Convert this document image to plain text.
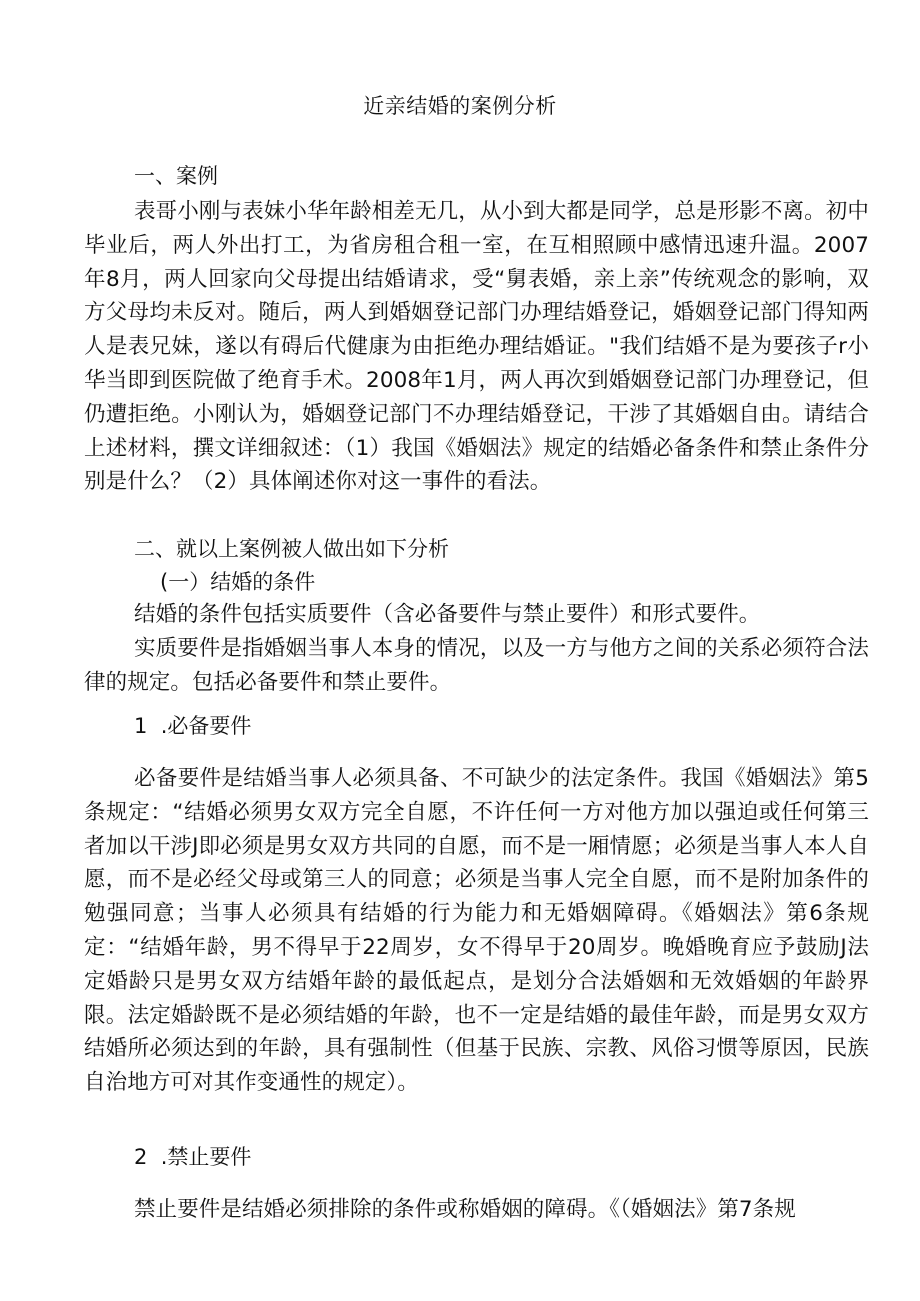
近亲结婚的案例分析
一、案例
表哥小刚与表妹小华年龄相差无几，从小到大都是同学，总是形影不离。初中毕业后，两人外出打工，为省房租合租一室，在互相照顾中感情迅速升温。2007年8月，两人回家向父母提出结婚请求，受“舅表婚，亲上亲”传统观念的影响，双方父母均未反对。随后，两人到婚姻登记部门办理结婚登记，婚姻登记部门得知两人是表兄妹，遂以有碍后代健康为由拒绝办理结婚证。"我们结婚不是为要孩子r小华当即到医院做了绝育手术。2008年1月，两人再次到婚姻登记部门办理登记，但仍遭拒绝。小刚认为，婚姻登记部门不办理结婚登记，干涉了其婚姻自由。请结合上述材料，撰文详细叙述：（1）我国《婚姻法》规定的结婚必备条件和禁止条件分别是什么？（2）具体阐述你对这一事件的看法。
二、就以上案例被人做出如下分析
(一）结婚的条件
结婚的条件包括实质要件（含必备要件与禁止要件）和形式要件。
实质要件是指婚姻当事人本身的情况，以及一方与他方之间的关系必须符合法律的规定。包括必备要件和禁止要件。
1  .必备要件
必备要件是结婚当事人必须具备、不可缺少的法定条件。我国《婚姻法》第5条规定：“结婚必须男女双方完全自愿，不许任何一方对他方加以强迫或任何第三者加以干涉J即必须是男女双方共同的自愿，而不是一厢情愿；必须是当事人本人自愿，而不是必经父母或第三人的同意；必须是当事人完全自愿，而不是附加条件的勉强同意；当事人必须具有结婚的行为能力和无婚姻障碍。《婚姻法》第6条规定：“结婚年龄，男不得早于22周岁，女不得早于20周岁。晚婚晚育应予鼓励J法定婚龄只是男女双方结婚年龄的最低起点，是划分合法婚姻和无效婚姻的年龄界限。法定婚龄既不是必须结婚的年龄，也不一定是结婚的最佳年龄，而是男女双方结婚所必须达到的年龄，具有强制性（但基于民族、宗教、风俗习惯等原因，民族自治地方可对其作变通性的规定）。
2  .禁止要件
禁止要件是结婚必须排除的条件或称婚姻的障碍。《（婚姻法》第7条规
